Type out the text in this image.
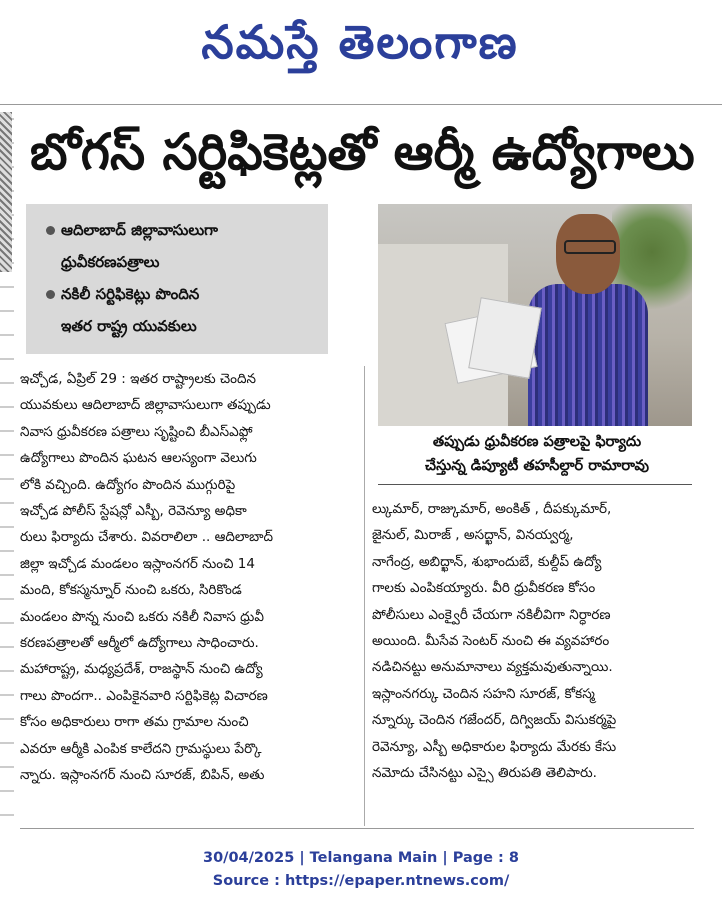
నమస్తే తెలంగాణ
బోగస్ సర్టిఫికెట్లతో ఆర్మీ ఉద్యోగాలు
ఆదిలాబాద్ జిల్లావాసులుగా
ధ్రువీకరణపత్రాలు
నకిలీ సర్టిఫికెట్లు పొందిన
ఇతర రాష్ట్ర యువకులు
తప్పుడు ధ్రువీకరణ పత్రాలపై ఫిర్యాదు
చేస్తున్న డిప్యూటీ తహసీల్దార్ రామారావు
ఇచ్చోడ, ఏప్రిల్ 29 : ఇతర రాష్ట్రాలకు చెందిన
యువకులు ఆదిలాబాద్ జిల్లావాసులుగా తప్పుడు
నివాస ధ్రువీకరణ పత్రాలు సృష్టించి బీఎస్ఎఫ్లో
ఉద్యోగాలు పొందిన ఘటన ఆలస్యంగా వెలుగు
లోకి వచ్చింది. ఉద్యోగం పొందిన ముగ్గురిపై
ఇచ్చోడ పోలీస్ స్టేషన్లో ఎస్బీ, రెవెన్యూ అధికా
రులు ఫిర్యాదు చేశారు. వివరాలిలా .. ఆదిలాబాద్
జిల్లా ఇచ్చోడ మండలం ఇస్లాంనగర్ నుంచి 14
మంది, కోకస్మన్నూర్ నుంచి ఒకరు, సిరికొండ
మండలం పొన్న నుంచి ఒకరు నకిలీ నివాస ధ్రువీ
కరణపత్రాలతో ఆర్మీలో ఉద్యోగాలు సాధించారు.
మహారాష్ట్ర, మధ్యప్రదేశ్, రాజస్థాన్ నుంచి ఉద్యో
గాలు పొందగా.. ఎంపికైనవారి సర్టిఫికెట్ల విచారణ
కోసం అధికారులు రాగా తమ గ్రామాల నుంచి
ఎవరూ ఆర్మీకి ఎంపిక కాలేదని గ్రామస్థులు పేర్కొ
న్నారు. ఇస్లాంనగర్ నుంచి సూరజ్, బిపిన్, అతు
ల్కుమార్, రాజ్కుమార్, అంకిత్ , దీపక్కుమార్,
జైనుల్, మిరాజ్ , అసద్ఖాన్, వినయ్వర్మ,
నాగేంద్ర, అబిద్ఖాన్, శుభాందుబే, కుల్దీప్ ఉద్యో
గాలకు ఎంపికయ్యారు. వీరి ధ్రువీకరణ కోసం
పోలీసులు ఎంక్వైరీ చేయగా నకిలీవిగా నిర్ధారణ
అయింది. మీసేవ సెంటర్ నుంచి ఈ వ్యవహారం
నడిచినట్టు అనుమానాలు వ్యక్తమవుతున్నాయి.
ఇస్లాంనగర్కు చెందిన సహని సూరజ్, కోకస్మ
న్నూర్కు చెందిన గజేందర్, దిగ్విజయ్ విసుకర్మపై
రెవెన్యూ, ఎస్బీ అధికారుల ఫిర్యాదు మేరకు కేసు
నమోదు చేసినట్టు ఎస్సై తిరుపతి తెలిపారు.
30/04/2025 | Telangana Main | Page : 8
Source : https://epaper.ntnews.com/
